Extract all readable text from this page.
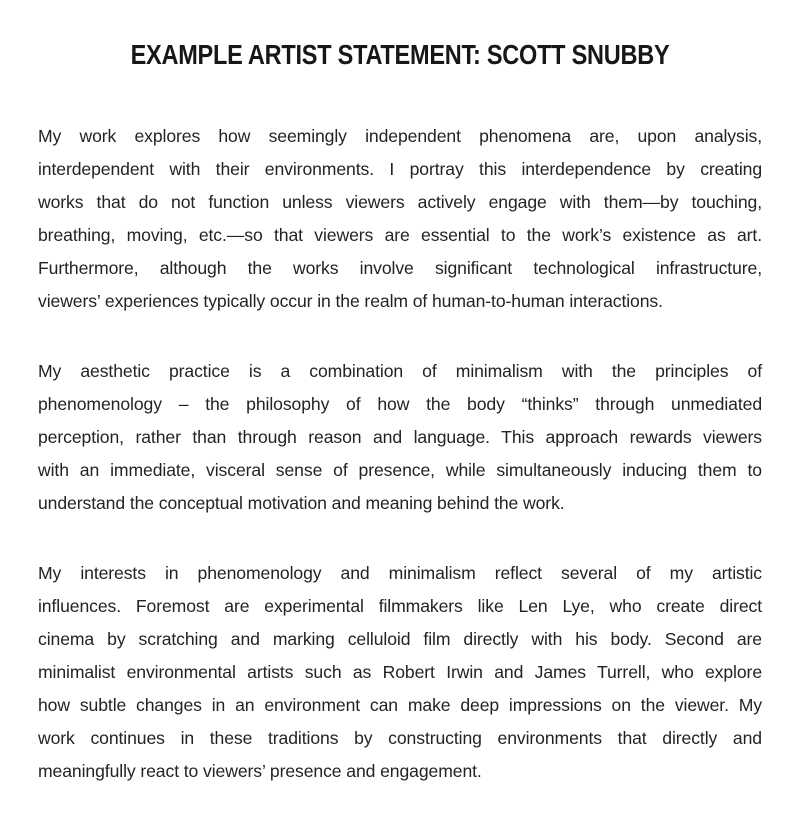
EXAMPLE ARTIST STATEMENT: SCOTT SNUBBY

My work explores how seemingly independent phenomena are, upon analysis,
interdependent with their environments. I portray this interdependence by creating
works that do not function unless viewers actively engage with them—by touching,
breathing, moving, etc.—so that viewers are essential to the work’s existence as art.
Furthermore, although the works involve significant technological infrastructure,
viewers’ experiences typically occur in the realm of human-to-human interactions.

My aesthetic practice is a combination of minimalism with the principles of
phenomenology – the philosophy of how the body “thinks” through unmediated
perception, rather than through reason and language. This approach rewards viewers
with an immediate, visceral sense of presence, while simultaneously inducing them to
understand the conceptual motivation and meaning behind the work.

My interests in phenomenology and minimalism reflect several of my artistic
influences. Foremost are experimental filmmakers like Len Lye, who create direct
cinema by scratching and marking celluloid film directly with his body. Second are
minimalist environmental artists such as Robert Irwin and James Turrell, who explore
how subtle changes in an environment can make deep impressions on the viewer. My
work continues in these traditions by constructing environments that directly and
meaningfully react to viewers’ presence and engagement.
